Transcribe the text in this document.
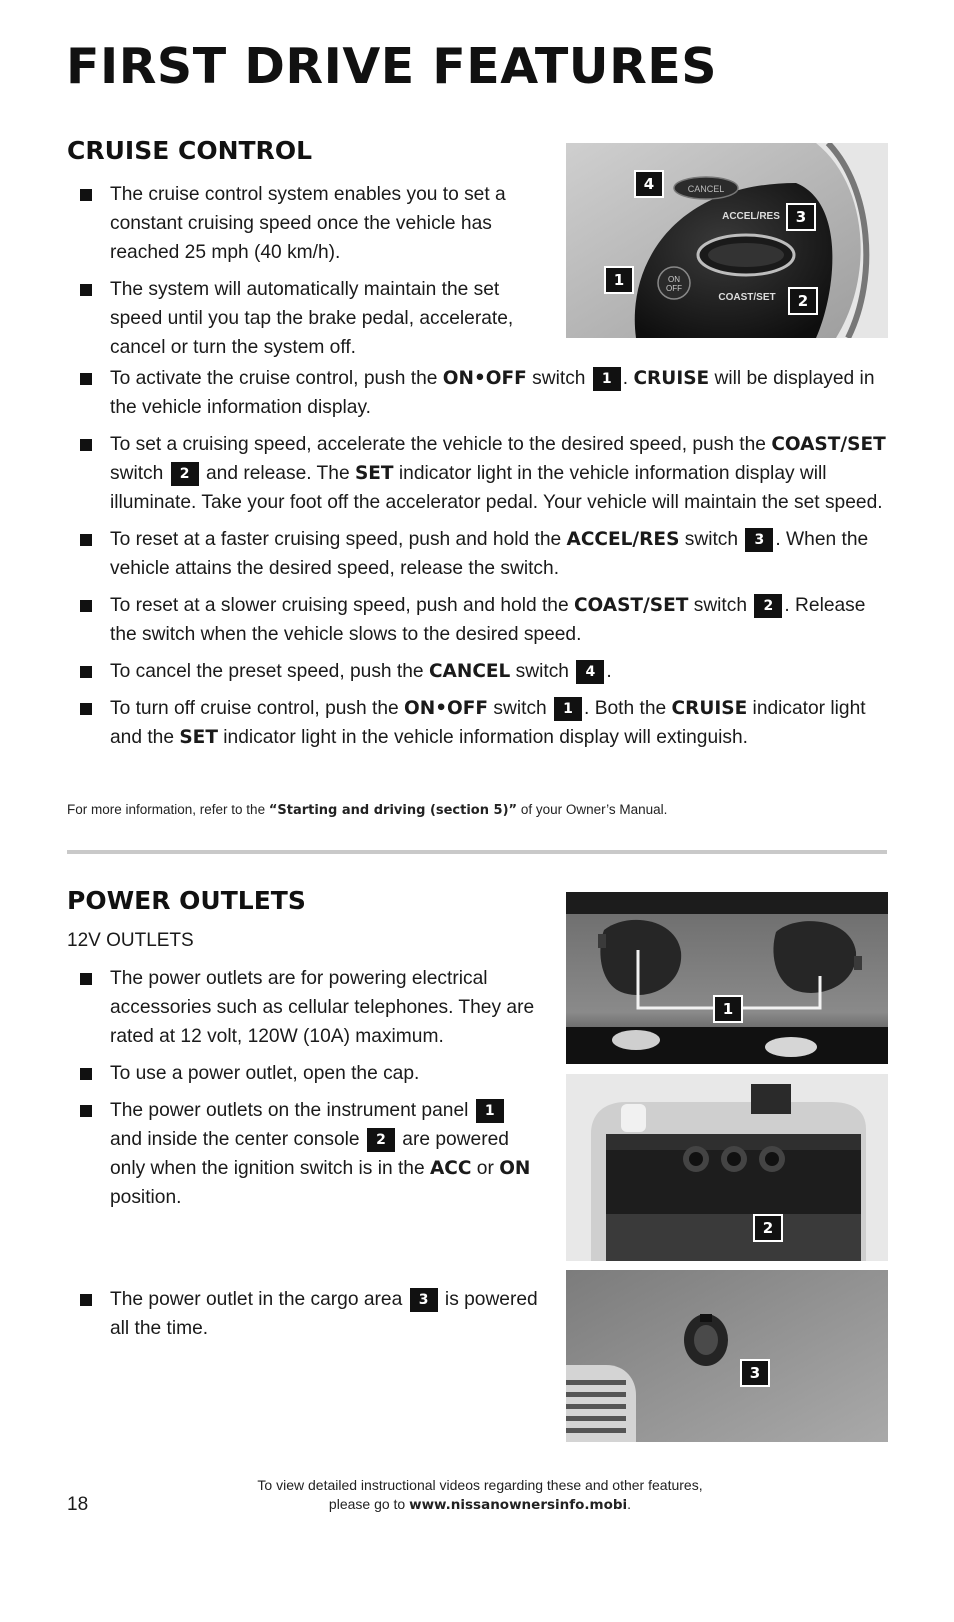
FIRST DRIVE FEATURES
CRUISE CONTROL
The cruise control system enables you to set a constant cruising speed once the vehicle has reached 25 mph (40 km/h).
The system will automatically maintain the set speed until you tap the brake pedal, accelerate, cancel or turn the system off.
To activate the cruise control, push the ON•OFF switch 1 . CRUISE will be displayed in the vehicle information display.
To set a cruising speed, accelerate the vehicle to the desired speed, push the COAST/SET switch 2 and release. The SET indicator light in the vehicle information display will illuminate. Take your foot off the accelerator pedal. Your vehicle will maintain the set speed.
To reset at a faster cruising speed, push and hold the ACCEL/RES switch 3 . When the vehicle attains the desired speed, release the switch.
To reset at a slower cruising speed, push and hold the COAST/SET switch 2 . Release the switch when the vehicle slows to the desired speed.
To cancel the preset speed, push the CANCEL switch 4 .
To turn off cruise control, push the ON•OFF switch 1 . Both the CRUISE indicator light and the SET indicator light in the vehicle information display will extinguish.
For more information, refer to the “Starting and driving (section 5)” of your Owner’s Manual.
CANCEL
ACCEL/RES
ON
OFF
COAST/SET
4
3
1
2
POWER OUTLETS
12V OUTLETS
The power outlets are for powering electrical accessories such as cellular telephones. They are rated at 12 volt, 120W (10A) maximum.
To use a power outlet, open the cap.
The power outlets on the instrument panel 1 and inside the center console 2 are powered only when the ignition switch is in the ACC or ON position.
The power outlet in the cargo area 3 is powered all the time.
1
2
3
18
To view detailed instructional videos regarding these and other features,
please go to www.nissanownersinfo.mobi.
